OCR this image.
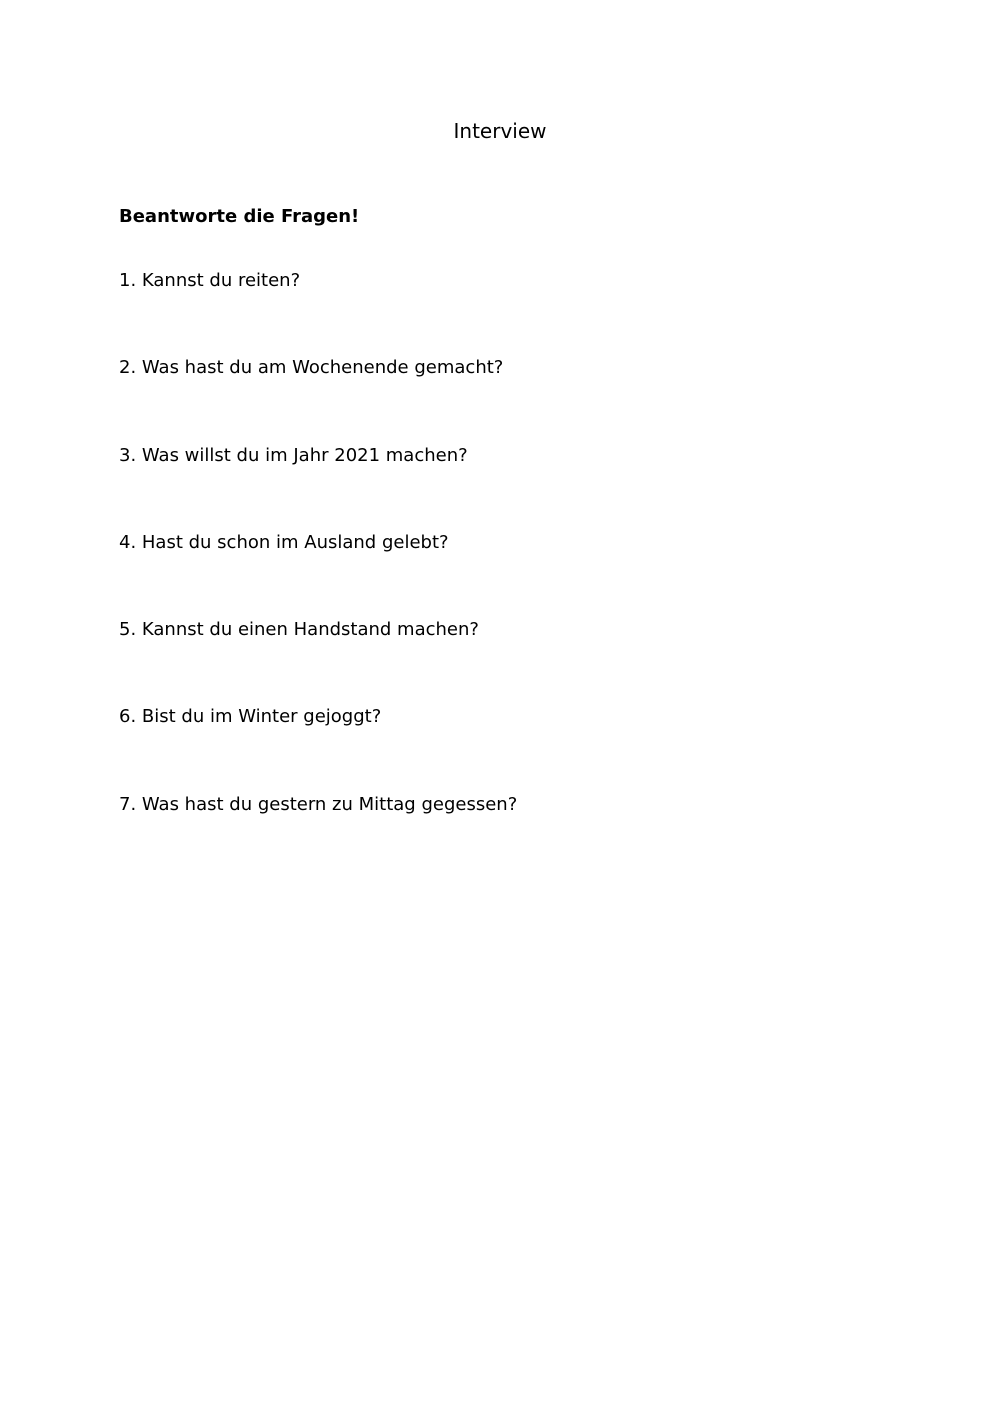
Interview

Beantworte die Fragen!

1. Kannst du reiten?
2. Was hast du am Wochenende gemacht?
3. Was willst du im Jahr 2021 machen?
4. Hast du schon im Ausland gelebt?
5. Kannst du einen Handstand machen?
6. Bist du im Winter gejoggt?
7. Was hast du gestern zu Mittag gegessen?
